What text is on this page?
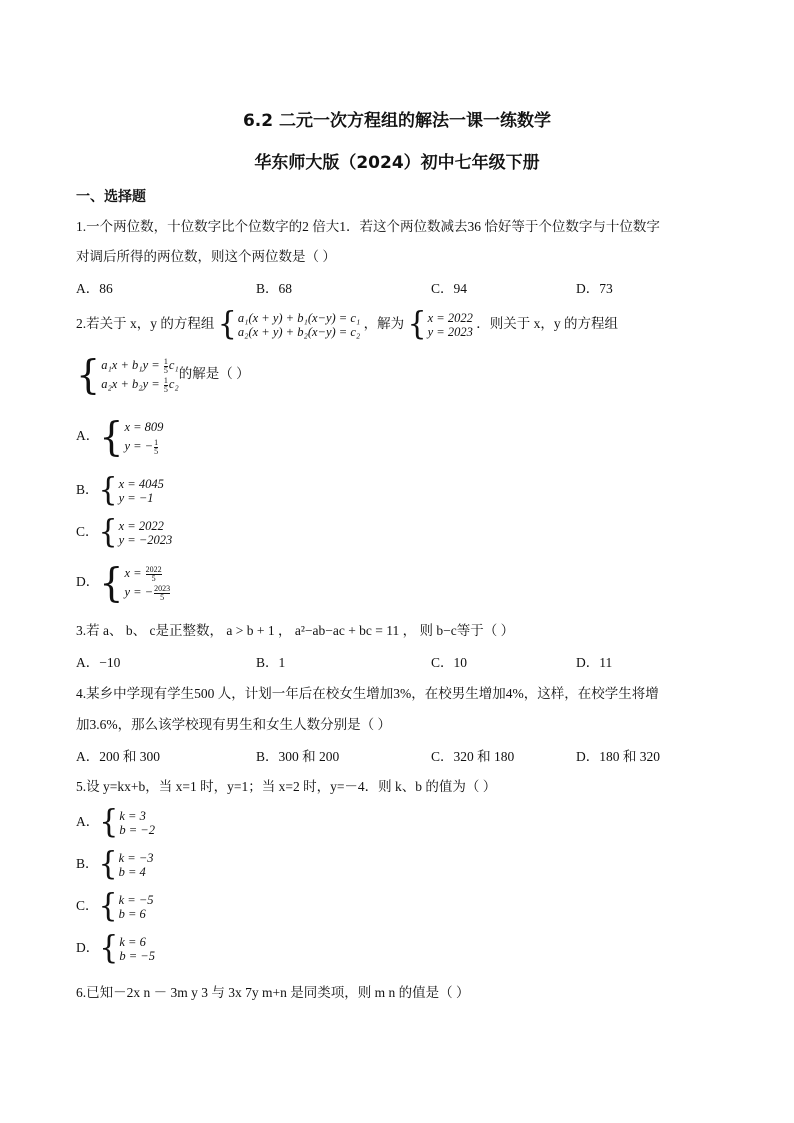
6.2 二元一次方程组的解法一课一练数学
华东师大版（2024）初中七年级下册
一、选择题
1.一个两位数，十位数字比个位数字的2 倍大1．若这个两位数减去36 恰好等于个位数字与十位数字
对调后所得的两位数，则这个两位数是（ ）
A．86	B．68	C．94	D．73
2.若关于 x，y 的方程组 { a₁(x + y) + b₁(x−y) = c₁
a₂(x + y) + b₂(x−y) = c₂
，解为 { x = 2022
y = 2023
．则关于 x，y 的方程组
{ $a_1x + b_1y = \frac{1}{5} c_1$
$a_2x + b_2y = \frac{1}{5} c_2$
的解是（ ）
A． { x = 809
y = − $\frac{1}{5}$
B． { x = 4045
y = −1
C． { x = 2022
y = −2023
D． { $x = \frac{2022}{5}$
y = − $\frac{2023}{5}$
3.若 a、 b、 c是正整数， a > b + 1 ， a²−ab−ac + bc = 11 ， 则 b−c等于（ ）
A．−10	B．1	C．10	D．11
4.某乡中学现有学生500 人，计划一年后在校女生增加3%，在校男生增加4%，这样，在校学生将增
加3.6%，那么该学校现有男生和女生人数分别是（ ）
A．200 和 300	B．300 和 200	C．320 和 180	D．180 和 320
5.设 y=kx+b，当 x=1 时，y=1；当 x=2 时，y=－4．则 k、b 的值为（ ）
A． { k = 3
b = −2
B． { k = −3
b = 4
C． { k = −5
b = 6
D． { k = 6
b = −5
6.已知－2x n － 3m y 3 与 3x 7y m+n 是同类项，则 m n 的值是（ ）
